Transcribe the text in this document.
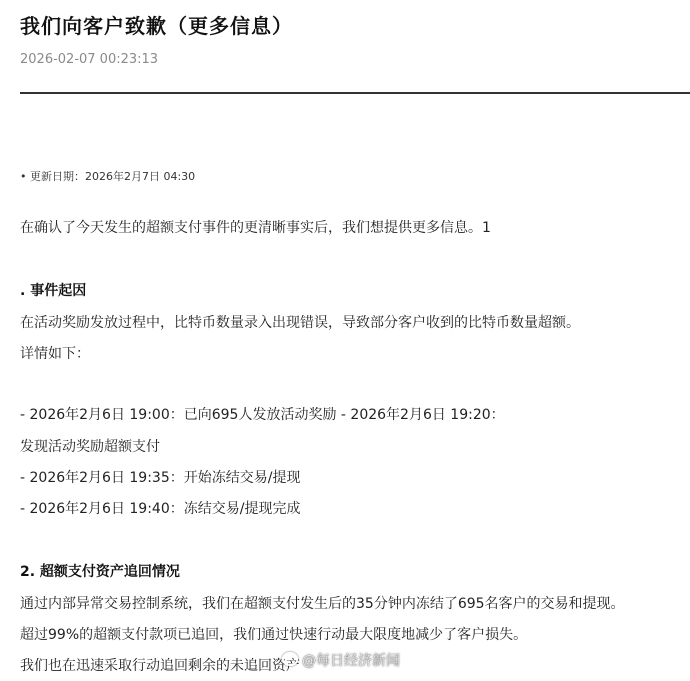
我们向客户致歉（更多信息）
2026-02-07 00:23:13
• 更新日期：2026年2月7日 04:30
在确认了今天发生的超额支付事件的更清晰事实后，我们想提供更多信息。1
. 事件起因
在活动奖励发放过程中，比特币数量录入出现错误，导致部分客户收到的比特币数量超额。
详情如下：
- 2026年2月6日 19:00：已向695人发放活动奖励 - 2026年2月6日 19:20：
发现活动奖励超额支付
- 2026年2月6日 19:35：开始冻结交易/提现
- 2026年2月6日 19:40：冻结交易/提现完成
2. 超额支付资产追回情况
通过内部异常交易控制系统，我们在超额支付发生后的35分钟内冻结了695名客户的交易和提现。
超过99%的超额支付款项已追回，我们通过快速行动最大限度地减少了客户损失。
我们也在迅速采取行动追回剩余的未追回资产 @每日经济新闻
